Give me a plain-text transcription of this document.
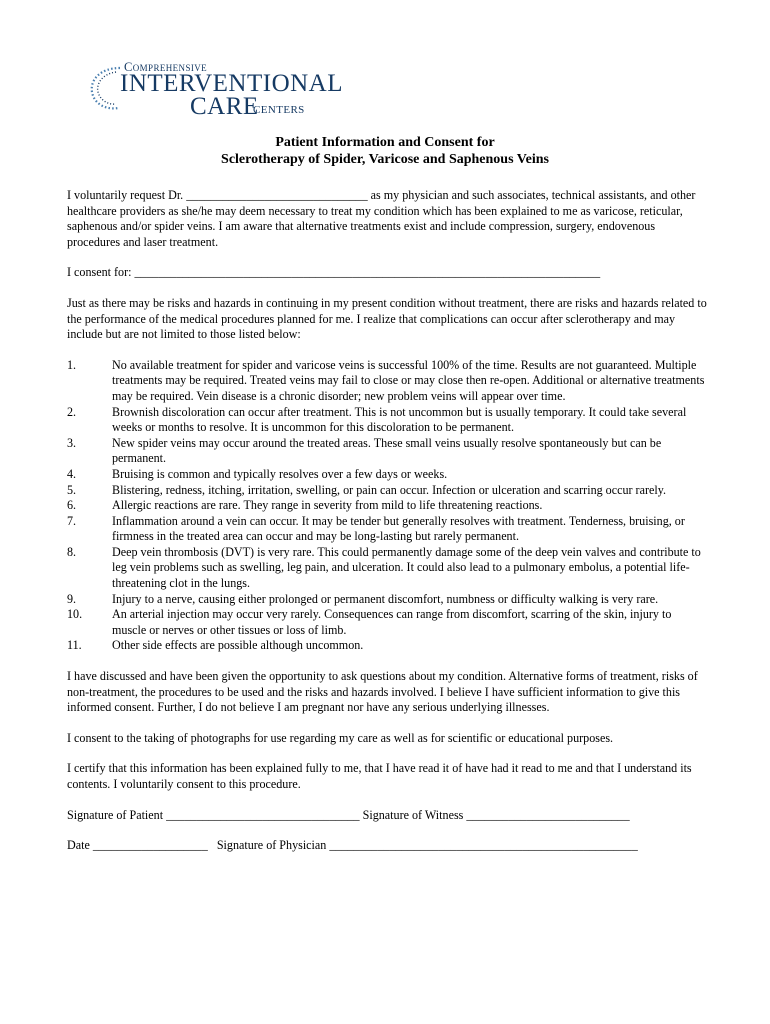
Comprehensive
INTERVENTIONAL
CARE
CENTERS
Patient Information and Consent for
Sclerotherapy of Spider, Varicose and Saphenous Veins

I voluntarily request Dr. ______________________________ as my physician and such associates, technical assistants, and other healthcare providers as she/he may deem necessary to treat my condition which has been explained to me as varicose, reticular, saphenous and/or spider veins. I am aware that alternative treatments exist and include compression, surgery, endovenous procedures and laser treatment.

I consent for: _____________________________________________________________________________

Just as there may be risks and hazards in continuing in my present condition without treatment, there are risks and hazards related to the performance of the medical procedures planned for me. I realize that complications can occur after sclerotherapy and may include but are not limited to those listed below:

1.	No available treatment for spider and varicose veins is successful 100% of the time. Results are not guaranteed. Multiple treatments may be required. Treated veins may fail to close or may close then re-open. Additional or alternative treatments may be required. Vein disease is a chronic disorder; new problem veins will appear over time.
2.	Brownish discoloration can occur after treatment. This is not uncommon but is usually temporary. It could take several weeks or months to resolve. It is uncommon for this discoloration to be permanent.
3.	New spider veins may occur around the treated areas. These small veins usually resolve spontaneously but can be permanent.
4.	Bruising is common and typically resolves over a few days or weeks.
5.	Blistering, redness, itching, irritation, swelling, or pain can occur. Infection or ulceration and scarring occur rarely.
6.	Allergic reactions are rare. They range in severity from mild to life threatening reactions.
7.	Inflammation around a vein can occur. It may be tender but generally resolves with treatment. Tenderness, bruising, or firmness in the treated area can occur and may be long-lasting but rarely permanent.
8.	Deep vein thrombosis (DVT) is very rare. This could permanently damage some of the deep vein valves and contribute to leg vein problems such as swelling, leg pain, and ulceration. It could also lead to a pulmonary embolus, a potential life-threatening clot in the lungs.
9.	Injury to a nerve, causing either prolonged or permanent discomfort, numbness or difficulty walking is very rare.
10.	An arterial injection may occur very rarely. Consequences can range from discomfort, scarring of the skin, injury to muscle or nerves or other tissues or loss of limb.
11.	Other side effects are possible although uncommon.

I have discussed and have been given the opportunity to ask questions about my condition. Alternative forms of treatment, risks of non-treatment, the procedures to be used and the risks and hazards involved. I believe I have sufficient information to give this informed consent. Further, I do not believe I am pregnant nor have any serious underlying illnesses.

I consent to the taking of photographs for use regarding my care as well as for scientific or educational purposes.

I certify that this information has been explained fully to me, that I have read it of have had it read to me and that I understand its contents. I voluntarily consent to this procedure.

Signature of Patient ________________________________ Signature of Witness ___________________________

Date ___________________ Signature of Physician ___________________________________________________
